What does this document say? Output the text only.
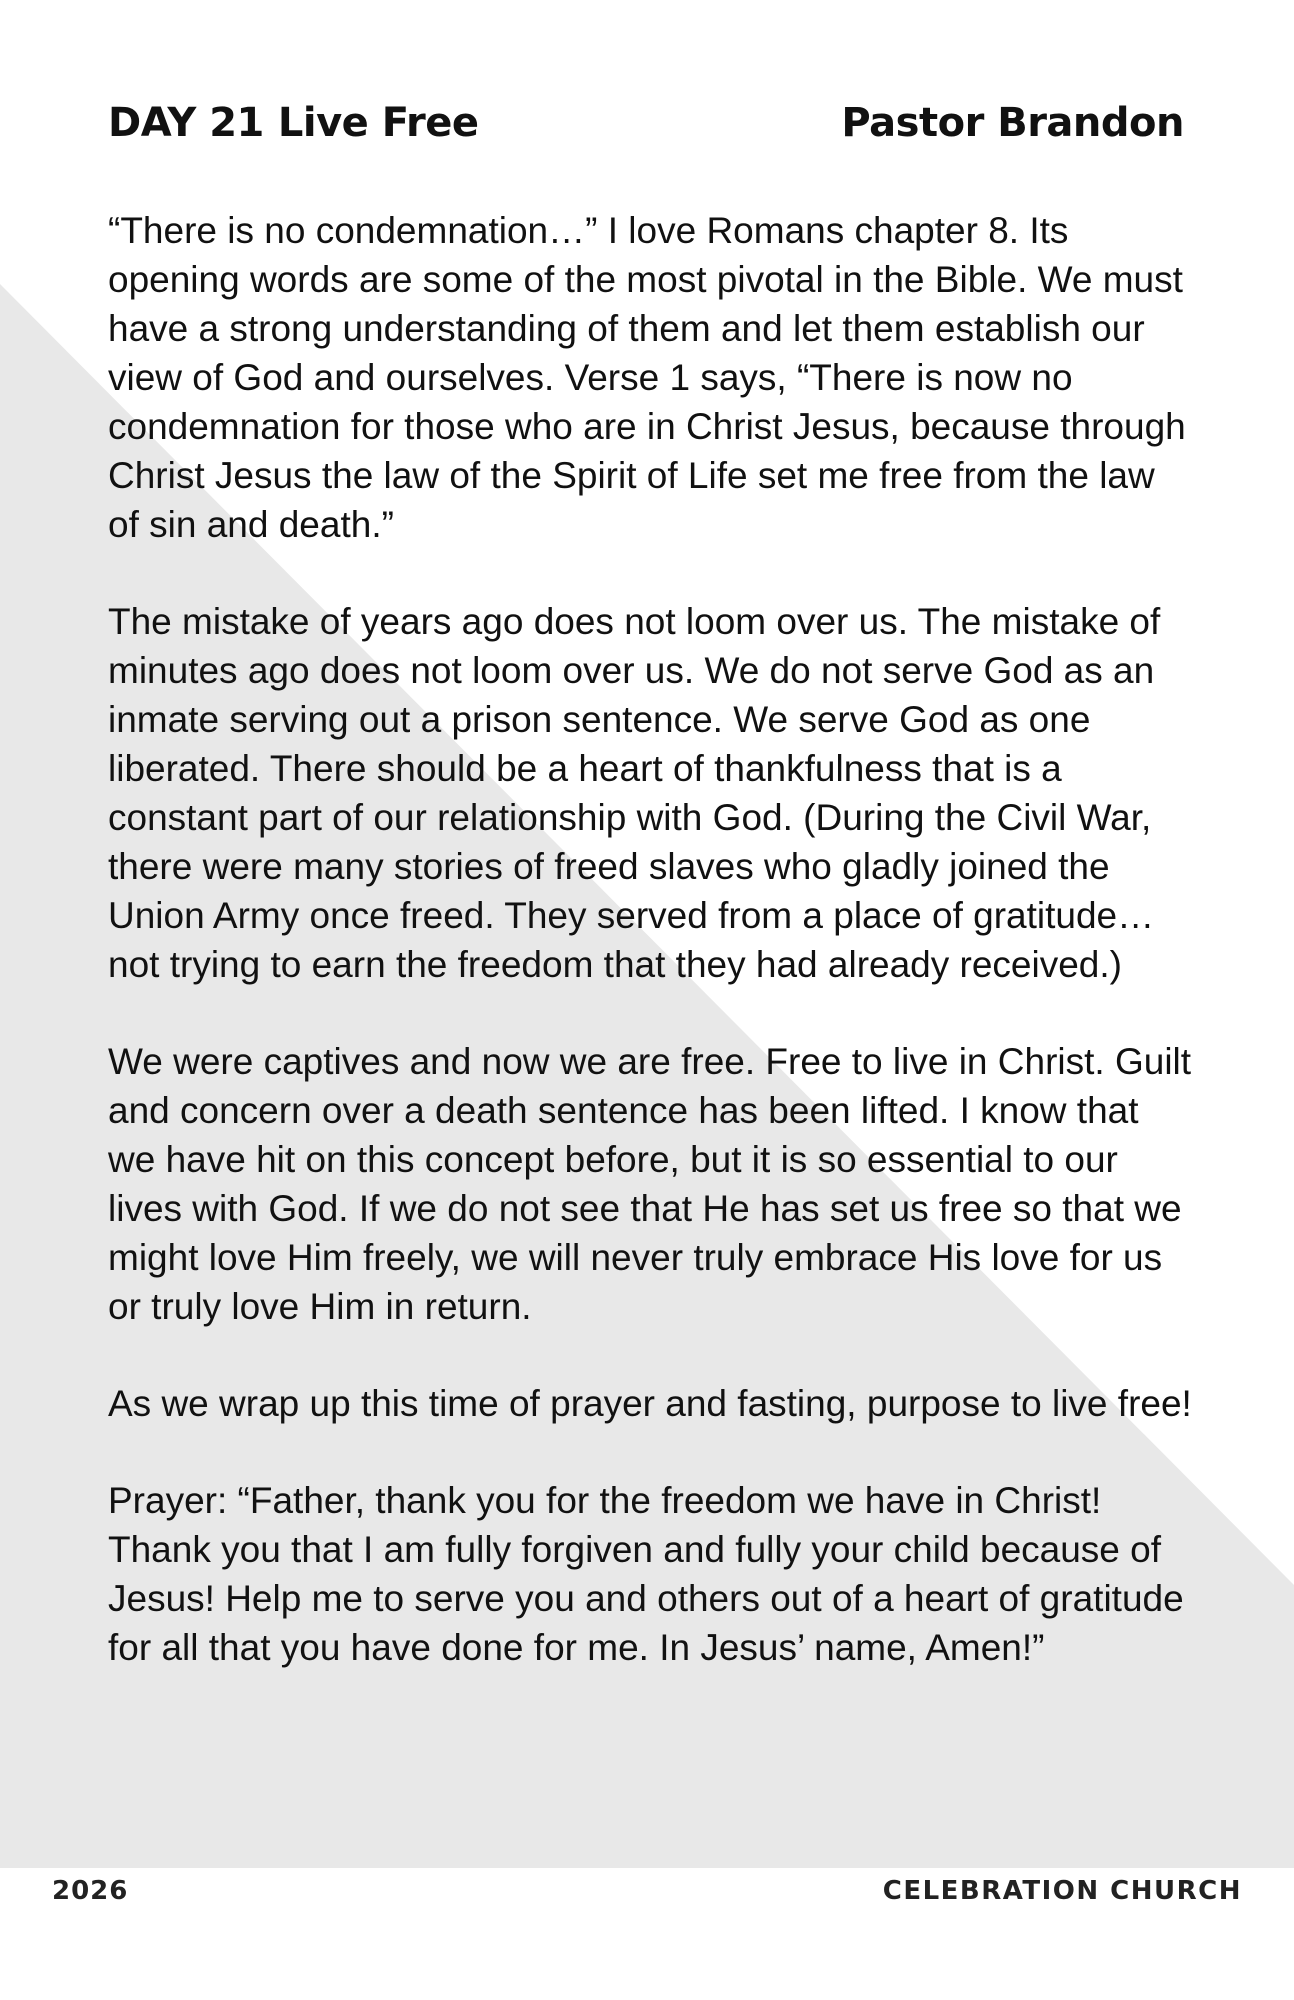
DAY 21 Live Free	Pastor Brandon

“There is no condemnation…” I love Romans chapter 8. Its opening words are some of the most pivotal in the Bible. We must have a strong understanding of them and let them establish our view of God and ourselves. Verse 1 says, “There is now no condemnation for those who are in Christ Jesus, because through Christ Jesus the law of the Spirit of Life set me free from the law of sin and death.”

The mistake of years ago does not loom over us. The mistake of minutes ago does not loom over us. We do not serve God as an inmate serving out a prison sentence. We serve God as one liberated. There should be a heart of thankfulness that is a constant part of our relationship with God. (During the Civil War, there were many stories of freed slaves who gladly joined the Union Army once freed. They served from a place of gratitude… not trying to earn the freedom that they had already received.)

We were captives and now we are free. Free to live in Christ. Guilt and concern over a death sentence has been lifted. I know that we have hit on this concept before, but it is so essential to our lives with God. If we do not see that He has set us free so that we might love Him freely, we will never truly embrace His love for us or truly love Him in return.

As we wrap up this time of prayer and fasting, purpose to live free!

Prayer: “Father, thank you for the freedom we have in Christ! Thank you that I am fully forgiven and fully your child because of Jesus! Help me to serve you and others out of a heart of gratitude for all that you have done for me. In Jesus’ name, Amen!”

2026	CELEBRATION CHURCH
